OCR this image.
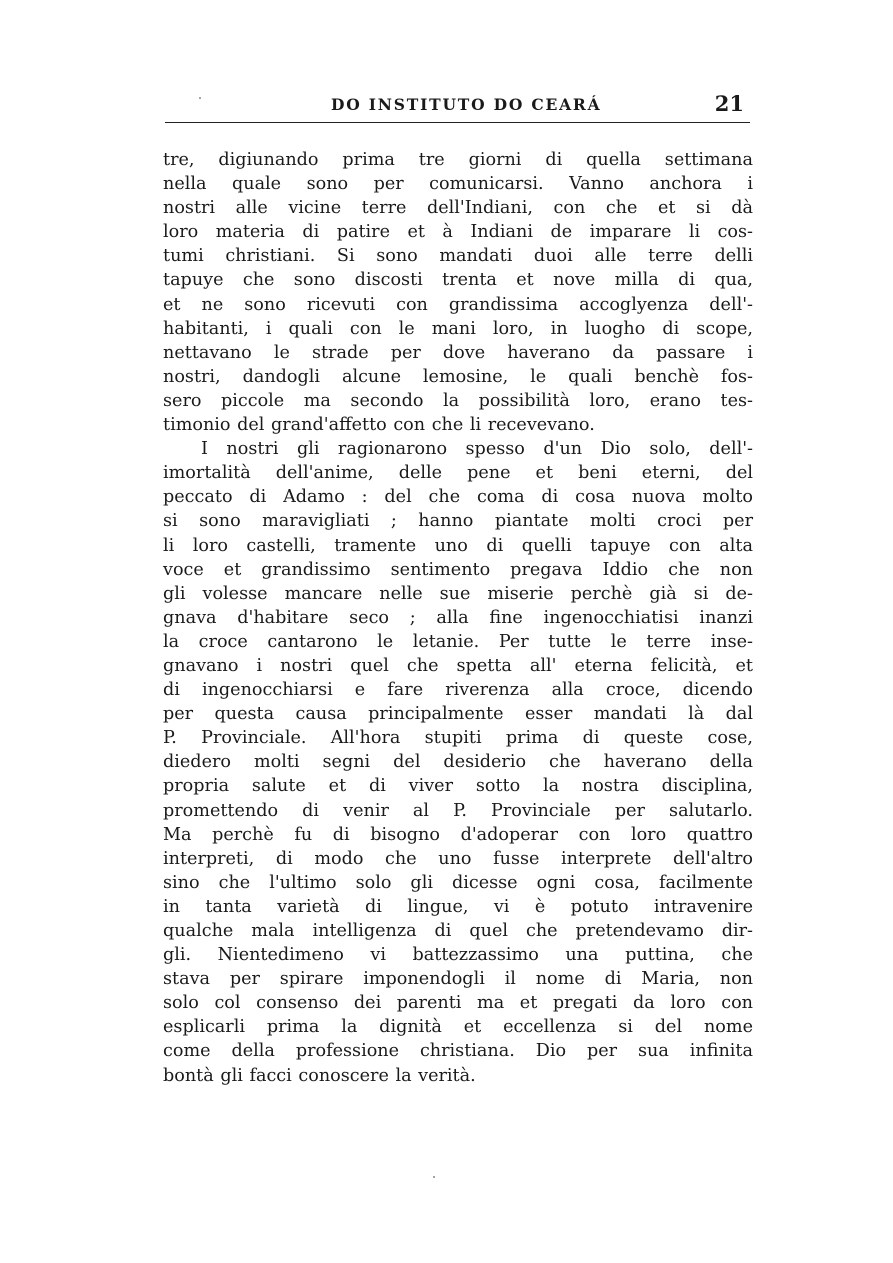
DO INSTITUTO DO CEARÁ	21
tre, digiunando prima tre giorni di quella settimana
nella quale sono per comunicarsi. Vanno anchora i
nostri alle vicine terre dell'Indiani, con che et si dà
loro materia di patire et à Indiani de imparare li cos-
tumi christiani. Si sono mandati duoi alle terre delli
tapuye che sono discosti trenta et nove milla di qua,
et ne sono ricevuti con grandissima accoglyenza dell'-
habitanti, i quali con le mani loro, in luogho di scope,
nettavano le strade per dove haverano da passare i
nostri, dandogli alcune lemosine, le quali benchè fos-
sero piccole ma secondo la possibilità loro, erano tes-
timonio del grand'affetto con che li recevevano.
I nostri gli ragionarono spesso d'un Dio solo, dell'-
imortalità dell'anime, delle pene et beni eterni, del
peccato di Adamo : del che coma di cosa nuova molto
si sono maravigliati ; hanno piantate molti croci per
li loro castelli, tramente uno di quelli tapuye con alta
voce et grandissimo sentimento pregava Iddio che non
gli volesse mancare nelle sue miserie perchè già si de-
gnava d'habitare seco ; alla fine ingenocchiatisi inanzi
la croce cantarono le letanie. Per tutte le terre inse-
gnavano i nostri quel che spetta all' eterna felicità, et
di ingenocchiarsi e fare riverenza alla croce, dicendo
per questa causa principalmente esser mandati là dal
P. Provinciale. All'hora stupiti prima di queste cose,
diedero molti segni del desiderio che haverano della
propria salute et di viver sotto la nostra disciplina,
promettendo di venir al P. Provinciale per salutarlo.
Ma perchè fu di bisogno d'adoperar con loro quattro
interpreti, di modo che uno fusse interprete dell'altro
sino che l'ultimo solo gli dicesse ogni cosa, facilmente
in tanta varietà di lingue, vi è potuto intravenire
qualche mala intelligenza di quel che pretendevamo dir-
gli. Nientedimeno vi battezzassimo una puttina, che
stava per spirare imponendogli il nome di Maria, non
solo col consenso dei parenti ma et pregati da loro con
esplicarli prima la dignità et eccellenza si del nome
come della professione christiana. Dio per sua infinita
bontà gli facci conoscere la verità.
